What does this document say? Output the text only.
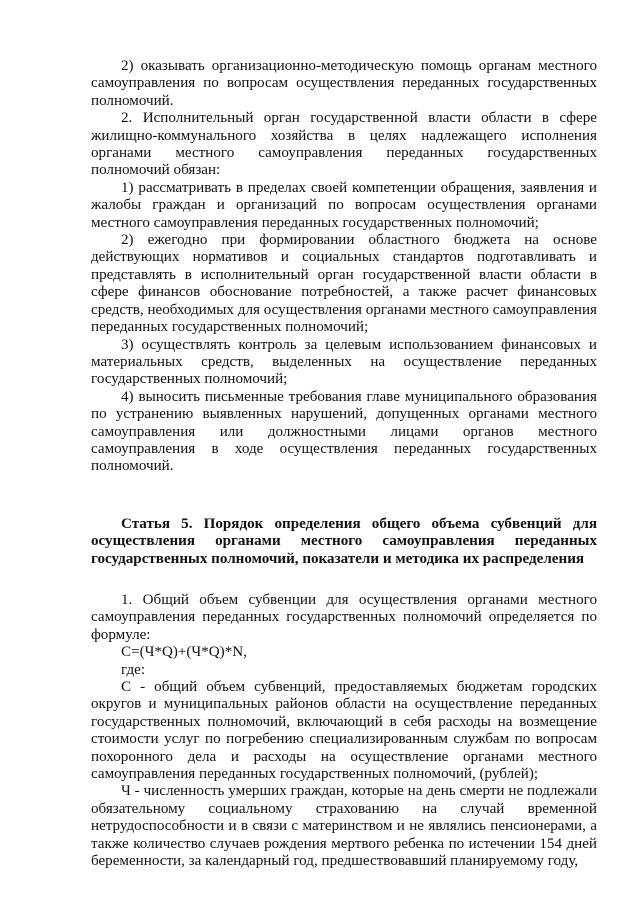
2) оказывать организационно-методическую помощь органам местного самоуправления по вопросам осуществления переданных государственных полномочий.

2. Исполнительный орган государственной власти области в сфере жилищно-коммунального хозяйства в целях надлежащего исполнения органами местного самоуправления переданных государственных полномочий обязан:

1) рассматривать в пределах своей компетенции обращения, заявления и жалобы граждан и организаций по вопросам осуществления органами местного самоуправления переданных государственных полномочий;

2) ежегодно при формировании областного бюджета на основе действующих нормативов и социальных стандартов подготавливать и представлять в исполнительный орган государственной власти области в сфере финансов обоснование потребностей, а также расчет финансовых средств, необходимых для осуществления органами местного самоуправления переданных государственных полномочий;

3) осуществлять контроль за целевым использованием финансовых и материальных средств, выделенных на осуществление переданных государственных полномочий;

4) выносить письменные требования главе муниципального образования по устранению выявленных нарушений, допущенных органами местного самоуправления или должностными лицами органов местного самоуправления в ходе осуществления переданных государственных полномочий.

Статья 5. Порядок определения общего объема субвенций для осуществления органами местного самоуправления переданных государственных полномочий, показатели и методика их распределения

1. Общий объем субвенции для осуществления органами местного самоуправления переданных государственных полномочий определяется по формуле:

С=(Ч*Q)+(Ч*Q)*N,

где:

С - общий объем субвенций, предоставляемых бюджетам городских округов и муниципальных районов области на осуществление переданных государственных полномочий, включающий в себя расходы на возмещение стоимости услуг по погребению специализированным службам по вопросам похоронного дела и расходы на осуществление органами местного самоуправления переданных государственных полномочий, (рублей);

Ч - численность умерших граждан, которые на день смерти не подлежали обязательному социальному страхованию на случай временной нетрудоспособности и в связи с материнством и не являлись пенсионерами, а также количество случаев рождения мертвого ребенка по истечении 154 дней беременности, за календарный год, предшествовавший планируемому году,
